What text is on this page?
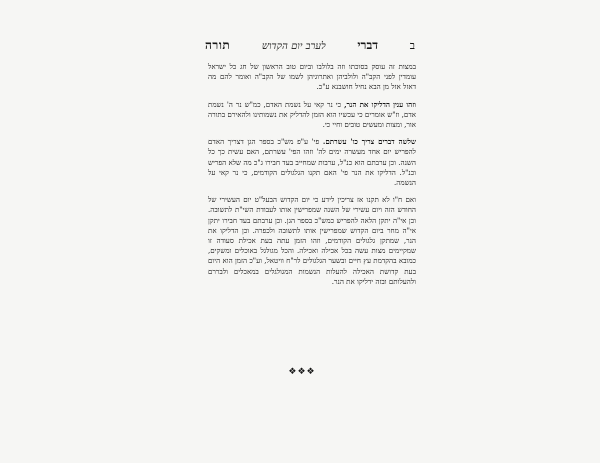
ב
דברי
לערב יום הקדוש
תורה

במצות זה עוסק בסוכתו וזה בלולבו וביום טוב הראשון של חג כל ישראל עומדין לפני הקב"ה ולולביהן ואתרוגיהן לשמו של הקב"ה ואומר להם מה דאזל אזל מן הבא נחיל חושבנא ע"כ.

וזהו ענין הדליקו את הנר, כי נר קאי על נשמת האדם, כמ"ש נר ה' נשמת אדם, וז"ש אומרים כי עכשיו הוא הזמן להדליק את נשמותינו ולהאירם בתורה אור, ומצות ומעשים טובים וחיי כי.

שלשה דברים צריך כו' עשרתם. פי' ע"פ מש"כ בספר הגן דצריך האדם להפריש יום אחד מעשרה ימים לה' וזהו הפי' עשרתם, האם עשית כך כל השנה. וכן ערבתם הוא כנ"ל, ערבות שמחייב בעד חבירו ג"כ מה שלא הפריש וכנ"ל. הדליקו את הנר פי' האם תקנו הגלגולים הקודמים, כי נר קאי על הנשמה.

ואם ח"ו לא תקנו אז צריכין לידע כי יום הקדוש הבעל"ט יום העשירי של החודש הזה ויום עשירי של השנה שמפרישין אותו לעבודת השי"ת לתשובה. וכן אי"ה יתקן הלאה להפריש כמש"כ בספר הגן. וכן ערבתם בעד חבירו יתקן אי"ה מחר ביום הקדוש שמפרישין אותו לתשובה ולכפרה. וכן הדליקו את הנר, שמתקן גלגולים הקודמים, וזהו הזמן עתה בעת אכילת סעודה זו שמקיימים מצות עשה בכל אכילה ואכילה. והכל מגולגל באוכלים ומשקים, כמובא בהקדמת עץ חיים ובשער הגלגולים לר"ח וויטאל, וע"כ הזמן הוא היום בעת קדושת האכילה להעלות הנשמות המגולגלים במאכלים ולבררם ולהעלותם ובזה ידליקו את הנר.

❖❖❖
